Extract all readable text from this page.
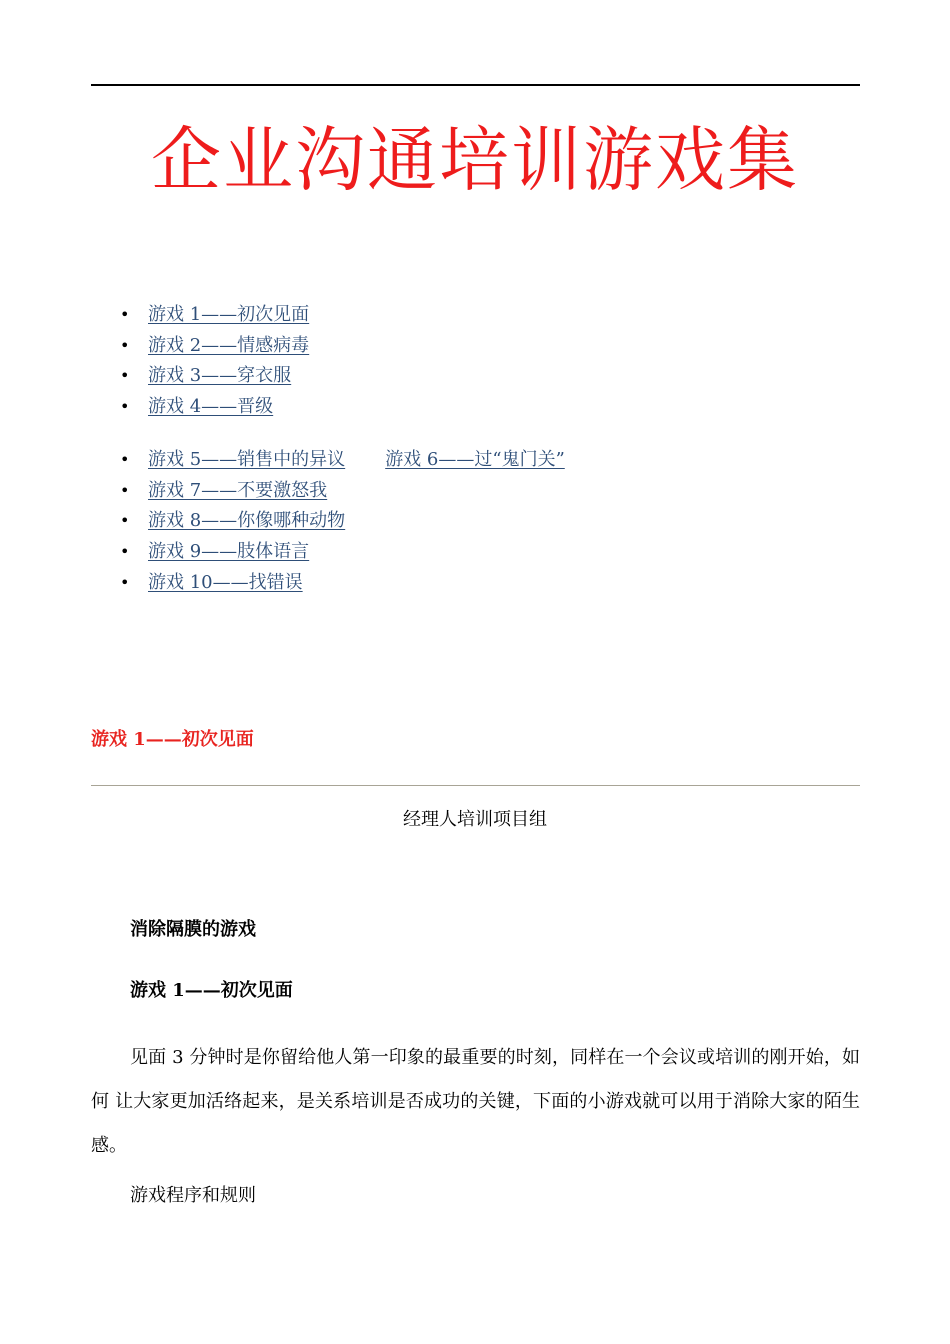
企业沟通培训游戏集
• 游戏 1——初次见面
• 游戏 2——情感病毒
• 游戏 3——穿衣服
• 游戏 4——晋级
• 游戏 5——销售中的异议 游戏 6——过“鬼门关”
• 游戏 7——不要激怒我
• 游戏 8——你像哪种动物
• 游戏 9——肢体语言
• 游戏 10——找错误
游戏 1——初次见面
经理人培训项目组
消除隔膜的游戏
游戏 1——初次见面

见面 3 分钟时是你留给他人第一印象的最重要的时刻，同样在一个会议或培训的刚开始，如 何 让大家更加活络起来，是关系培训是否成功的关键，下面的小游戏就可以用于消除大家的陌生感。

游戏程序和规则
